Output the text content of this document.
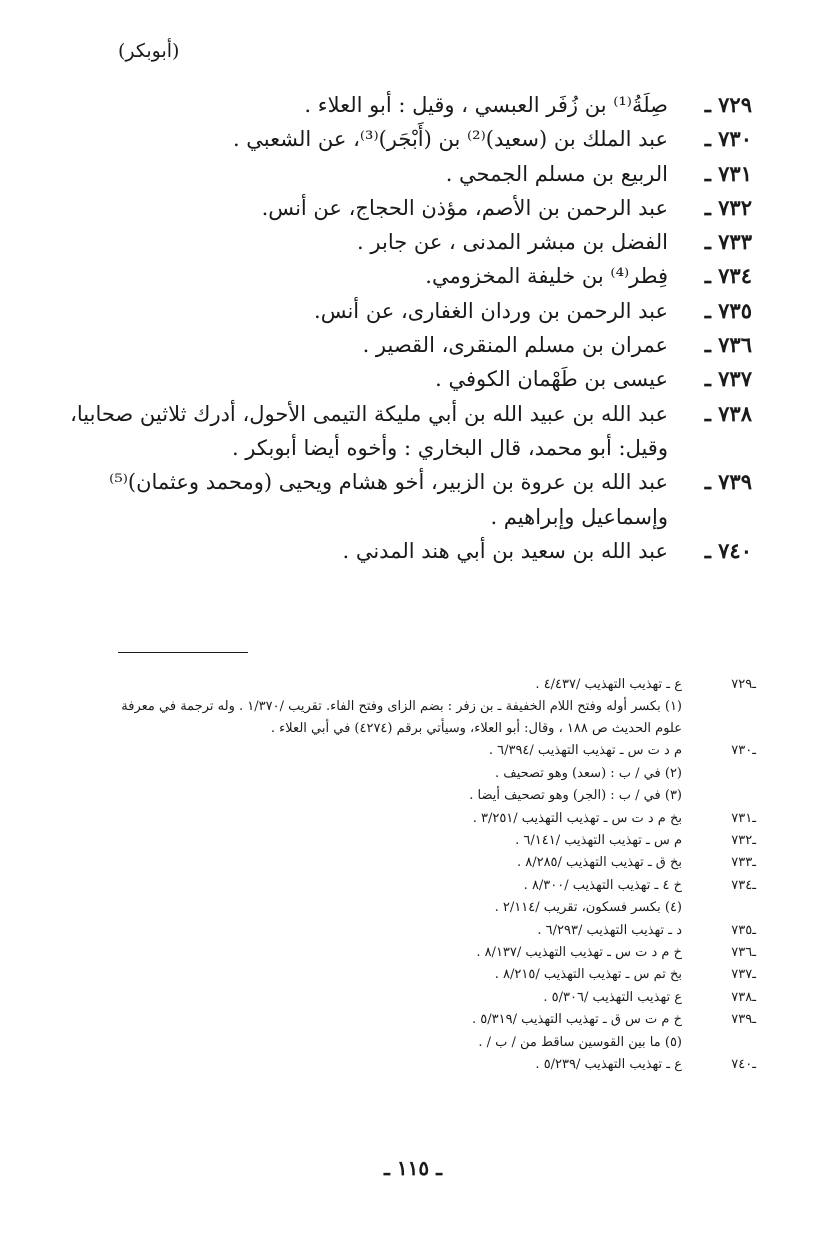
(أبوبكر)
٧٢٩ ـ
صِلَةُ⁽¹⁾ بن زُفَر العبسي ، وقيل : أبو العلاء .
٧٣٠ ـ
عبد الملك بن (سعيد)⁽²⁾ بن (أَبْجَر)⁽³⁾، عن الشعبي .
٧٣١ ـ
الربيع بن مسلم الجمحي .
٧٣٢ ـ
عبد الرحمن بن الأصم، مؤذن الحجاج، عن أنس.
٧٣٣ ـ
الفضل بن مبشر المدنى ، عن جابر .
٧٣٤ ـ
فِطر⁽⁴⁾ بن خليفة المخزومي.
٧٣٥ ـ
عبد الرحمن بن وردان الغفارى، عن أنس.
٧٣٦ ـ
عمران بن مسلم المنقرى، القصير .
٧٣٧ ـ
عيسى بن طَهْمان الكوفي .
٧٣٨ ـ
عبد الله بن عبيد الله بن أبي مليكة التيمى الأحول، أدرك ثلاثين صحابيا، وقيل: أبو محمد، قال البخاري : وأخوه أيضا أبوبكر .
٧٣٩ ـ
عبد الله بن عروة بن الزبير، أخو هشام ويحيى (ومحمد وعثمان)⁽⁵⁾ وإسماعيل وإبراهيم .
٧٤٠ ـ
عبد الله بن سعيد بن أبي هند المدني .
ـ٧٢٩
ع ـ تهذيب التهذيب /٤/٤٣٧ .
(١) بكسر أوله وفتح اللام الخفيفة ـ بن زفر : بضم الزاى وفتح الفاء. تقريب /١/٣٧٠ . وله ترجمة في معرفة علوم الحديث ص ١٨٨ ، وقال: أبو العلاء، وسيأتي برقم (٤٢٧٤) في أبي العلاء .
ـ٧٣٠
م د ت س ـ تهذيب التهذيب /٦/٣٩٤ .
(٢) في / ب : (سعد) وهو تصحيف .
(٣) في / ب : (الجر) وهو تصحيف أيضا .
ـ٧٣١
بخ م د ت س ـ تهذيب التهذيب /٣/٢٥١ .
ـ٧٣٢
م س ـ تهذيب التهذيب /٦/١٤١ .
ـ٧٣٣
بخ ق ـ تهذيب التهذيب /٨/٢٨٥ .
ـ٧٣٤
خ ٤ ـ تهذيب التهذيب /٨/٣٠٠ .
(٤) بكسر فسكون، تقريب /٢/١١٤ .
ـ٧٣٥
د ـ تهذيب التهذيب /٦/٢٩٣ .
ـ٧٣٦
خ م د ت س ـ تهذيب التهذيب /٨/١٣٧ .
ـ٧٣٧
بخ تم س ـ تهذيب التهذيب /٨/٢١٥ .
ـ٧٣٨
ع تهذيب التهذيب /٥/٣٠٦ .
ـ٧٣٩
خ م ت س ق ـ تهذيب التهذيب /٥/٣١٩ .
(٥) ما بين القوسين ساقط من / ب / .
ـ٧٤٠
ع ـ تهذيب التهذيب /٥/٢٣٩ .
ـ ١١٥ ـ
